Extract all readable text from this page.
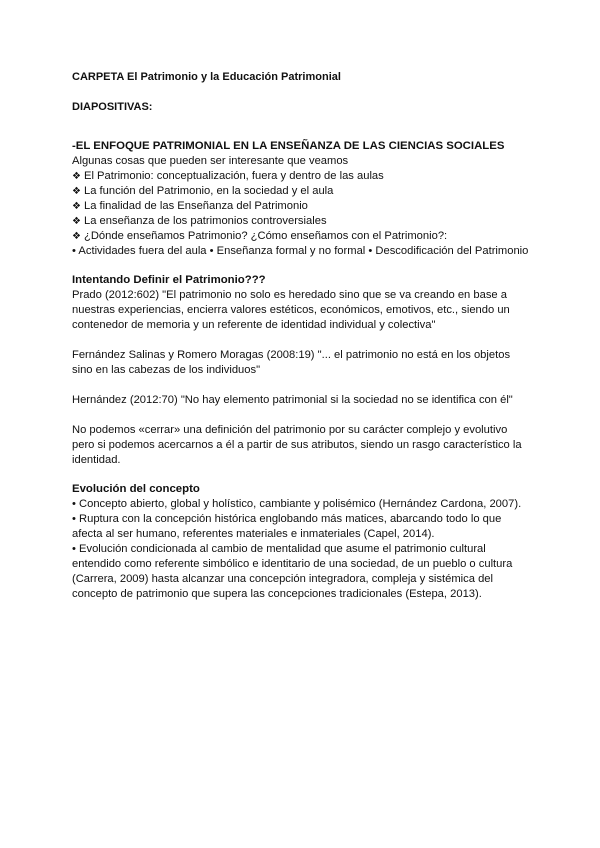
CARPETA El Patrimonio y la Educación Patrimonial

DIAPOSITIVAS:

-EL ENFOQUE PATRIMONIAL EN LA ENSEÑANZA DE LAS CIENCIAS SOCIALES

Algunas cosas que pueden ser interesante que veamos

❖ El Patrimonio: conceptualización, fuera y dentro de las aulas

❖ La función del Patrimonio, en la sociedad y el aula

❖ La finalidad de las Enseñanza del Patrimonio

❖ La enseñanza de los patrimonios controversiales

❖ ¿Dónde enseñamos Patrimonio? ¿Cómo enseñamos con el Patrimonio?:

• Actividades fuera del aula • Enseñanza formal y no formal • Descodificación del Patrimonio

Intentando Definir el Patrimonio???

Prado (2012:602) "El patrimonio no solo es heredado sino que se va creando en base a

nuestras experiencias, encierra valores estéticos, económicos, emotivos, etc., siendo un

contenedor de memoria y un referente de identidad individual y colectiva"

Fernández Salinas y Romero Moragas (2008:19) "... el patrimonio no está en los objetos

sino en las cabezas de los individuos"

Hernández (2012:70) "No hay elemento patrimonial si la sociedad no se identifica con él"

No podemos «cerrar» una definición del patrimonio por su carácter complejo y evolutivo

pero si podemos acercarnos a él a partir de sus atributos, siendo un rasgo característico la

identidad.

Evolución del concepto

• Concepto abierto, global y holístico, cambiante y polisémico (Hernández Cardona, 2007).

• Ruptura con la concepción histórica englobando más matices, abarcando todo lo que

afecta al ser humano, referentes materiales e inmateriales (Capel, 2014).

• Evolución condicionada al cambio de mentalidad que asume el patrimonio cultural

entendido como referente simbólico e identitario de una sociedad, de un pueblo o cultura

(Carrera, 2009) hasta alcanzar una concepción integradora, compleja y sistémica del

concepto de patrimonio que supera las concepciones tradicionales (Estepa, 2013).
